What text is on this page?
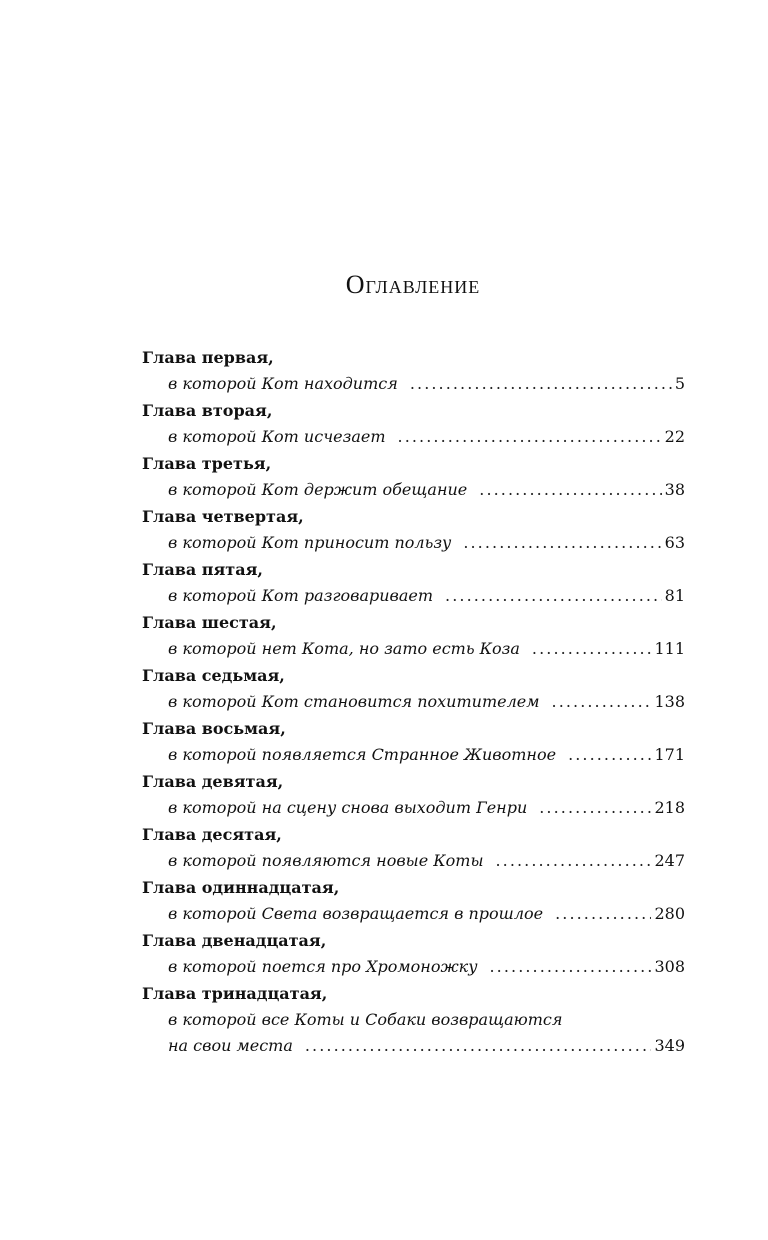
Оглавление
Глава первая,
в которой Кот находится . . .	5
Глава вторая,
в которой Кот исчезает . . .	22
Глава третья,
в которой Кот держит обещание . . .	38
Глава четвертая,
в которой Кот приносит пользу . . .	63
Глава пятая,
в которой Кот разговаривает . . .	81
Глава шестая,
в которой нет Кота, но зато есть Коза . . .	111
Глава седьмая,
в которой Кот становится похитителем . . .	138
Глава восьмая,
в которой появляется Странное Животное . . .	171
Глава девятая,
в которой на сцену снова выходит Генри . . .	218
Глава десятая,
в которой появляются новые Коты . . .	247
Глава одиннадцатая,
в которой Света возвращается в прошлое . . .	280
Глава двенадцатая,
в которой поется про Хромоножку . . .	308
Глава тринадцатая,
в которой все Коты и Собаки возвращаются
на свои места . . .	349
